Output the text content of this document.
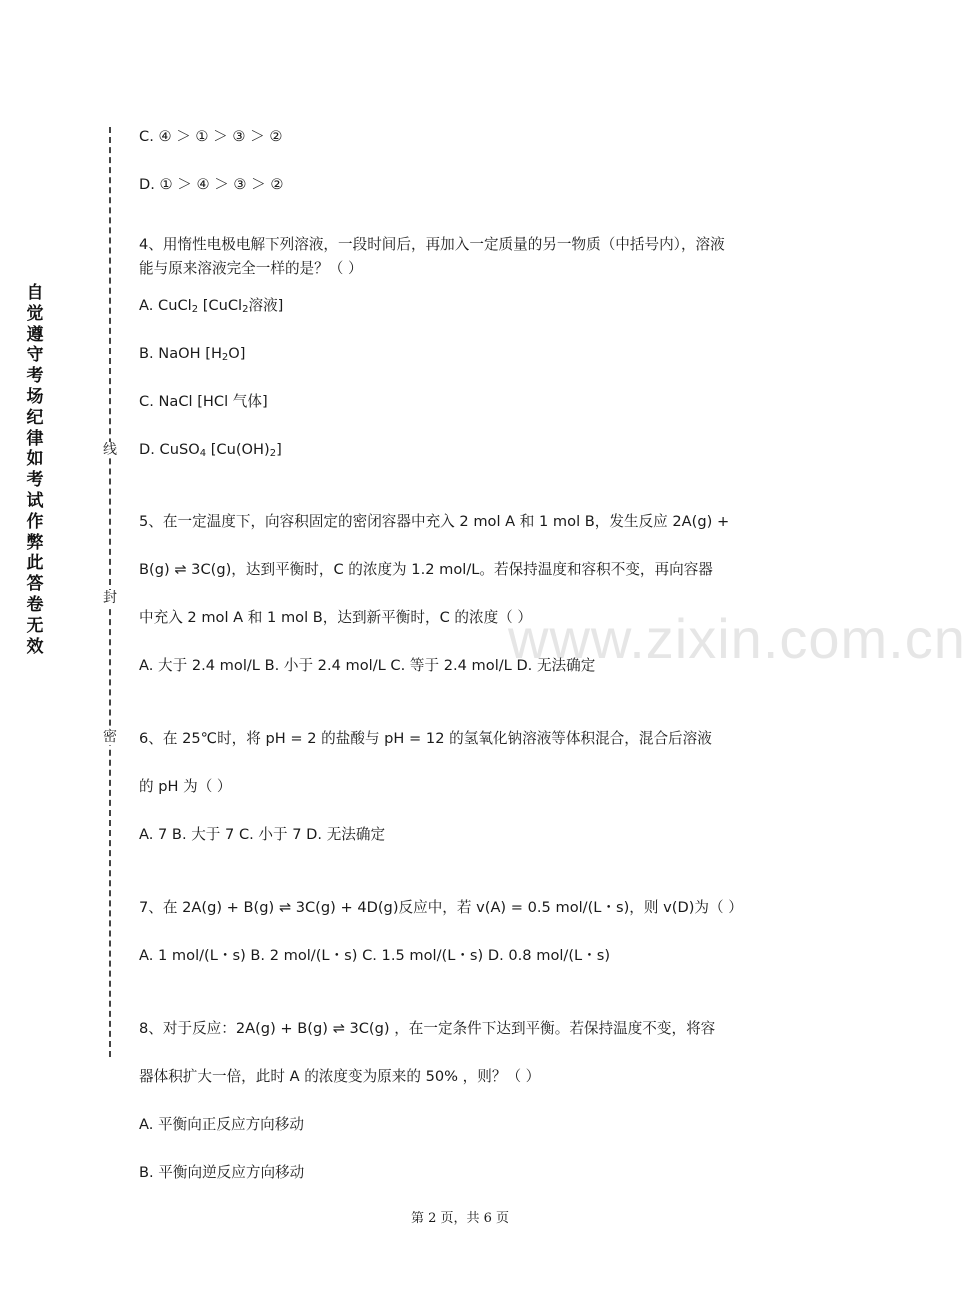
www.zixin.com.cn
自觉遵守考场纪律如考试作弊此答卷无效
线
封
密
C. ④ ＞ ① ＞ ③ ＞ ②
D. ① ＞ ④ ＞ ③ ＞ ②
4、用惰性电极电解下列溶液，一段时间后，再加入一定质量的另一物质（中括号内），溶液
能与原来溶液完全一样的是？（ ）
A. CuCl$_2$ [CuCl$_2$溶液]
B. NaOH $[H_2O]$
C. NaCl [HCl 气体]
D. CuSO$_4$ $[Cu(OH)_2]$
5、在一定温度下，向容积固定的密闭容器中充入 2 mol A 和 1 mol B，发生反应 2A(g) +
B(g) ⇌ 3C(g)，达到平衡时，C 的浓度为 1.2 mol/L。若保持温度和容积不变，再向容器
中充入 2 mol A 和 1 mol B，达到新平衡时，C 的浓度（ ）
A. 大于 2.4 mol/L B. 小于 2.4 mol/L C. 等于 2.4 mol/L D. 无法确定
6、在 25℃时，将 pH = 2 的盐酸与 pH = 12 的氢氧化钠溶液等体积混合，混合后溶液
的 pH 为（ ）
A. 7 B. 大于 7 C. 小于 7 D. 无法确定
7、在 2A(g) + B(g) ⇌ 3C(g) + 4D(g)反应中，若 v(A) = 0.5 mol/(L・s)，则 v(D)为（ ）
A. 1 mol/(L・s) B. 2 mol/(L・s) C. 1.5 mol/(L・s) D. 0.8 mol/(L・s)
8、对于反应：2A(g) + B(g) ⇌ 3C(g) ，在一定条件下达到平衡。若保持温度不变，将容
器体积扩大一倍，此时 A 的浓度变为原来的 50% ，则？（ ）
A. 平衡向正反应方向移动
B. 平衡向逆反应方向移动
第 2 页，共 6 页
